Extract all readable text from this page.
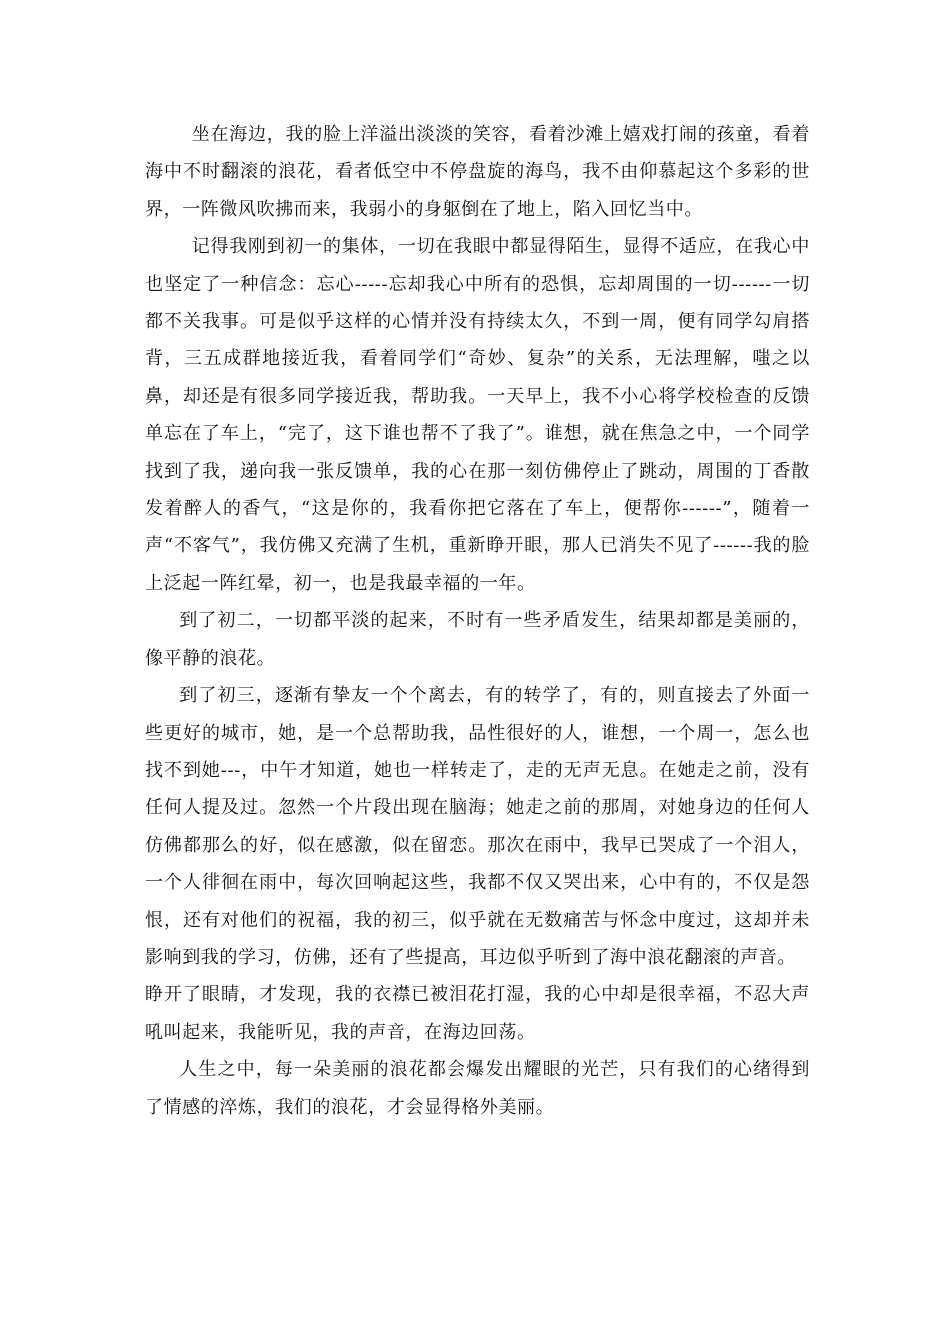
坐在海边，我的脸上洋溢出淡淡的笑容，看着沙滩上嬉戏打闹的孩童，看着海中不时翻滚的浪花，看者低空中不停盘旋的海鸟，我不由仰慕起这个多彩的世界，一阵微风吹拂而来，我弱小的身躯倒在了地上，陷入回忆当中。

记得我刚到初一的集体，一切在我眼中都显得陌生，显得不适应，在我心中也坚定了一种信念：忘心-----忘却我心中所有的恐惧，忘却周围的一切------一切都不关我事。可是似乎这样的心情并没有持续太久，不到一周，便有同学勾肩搭背，三五成群地接近我，看着同学们“奇妙、复杂”的关系，无法理解，嗤之以鼻，却还是有很多同学接近我，帮助我。一天早上，我不小心将学校检查的反馈单忘在了车上，“完了，这下谁也帮不了我了”。谁想，就在焦急之中，一个同学找到了我，递向我一张反馈单，我的心在那一刻仿佛停止了跳动，周围的丁香散发着醉人的香气，“这是你的，我看你把它落在了车上，便帮你------”，随着一声“不客气”，我仿佛又充满了生机，重新睁开眼，那人已消失不见了------我的脸上泛起一阵红晕，初一，也是我最幸福的一年。

到了初二，一切都平淡的起来，不时有一些矛盾发生，结果却都是美丽的，像平静的浪花。

到了初三，逐渐有挚友一个个离去，有的转学了，有的，则直接去了外面一些更好的城市，她，是一个总帮助我，品性很好的人，谁想，一个周一，怎么也找不到她---，中午才知道，她也一样转走了，走的无声无息。在她走之前，没有任何人提及过。忽然一个片段出现在脑海；她走之前的那周，对她身边的任何人仿佛都那么的好，似在感激，似在留恋。那次在雨中，我早已哭成了一个泪人，一个人徘徊在雨中，每次回响起这些，我都不仅又哭出来，心中有的，不仅是怨恨，还有对他们的祝福，我的初三，似乎就在无数痛苦与怀念中度过，这却并未影响到我的学习，仿佛，还有了些提高，耳边似乎听到了海中浪花翻滚的声音。

睁开了眼睛，才发现，我的衣襟已被泪花打湿，我的心中却是很幸福，不忍大声吼叫起来，我能听见，我的声音，在海边回荡。

人生之中，每一朵美丽的浪花都会爆发出耀眼的光芒，只有我们的心绪得到了情感的淬炼，我们的浪花，才会显得格外美丽。
